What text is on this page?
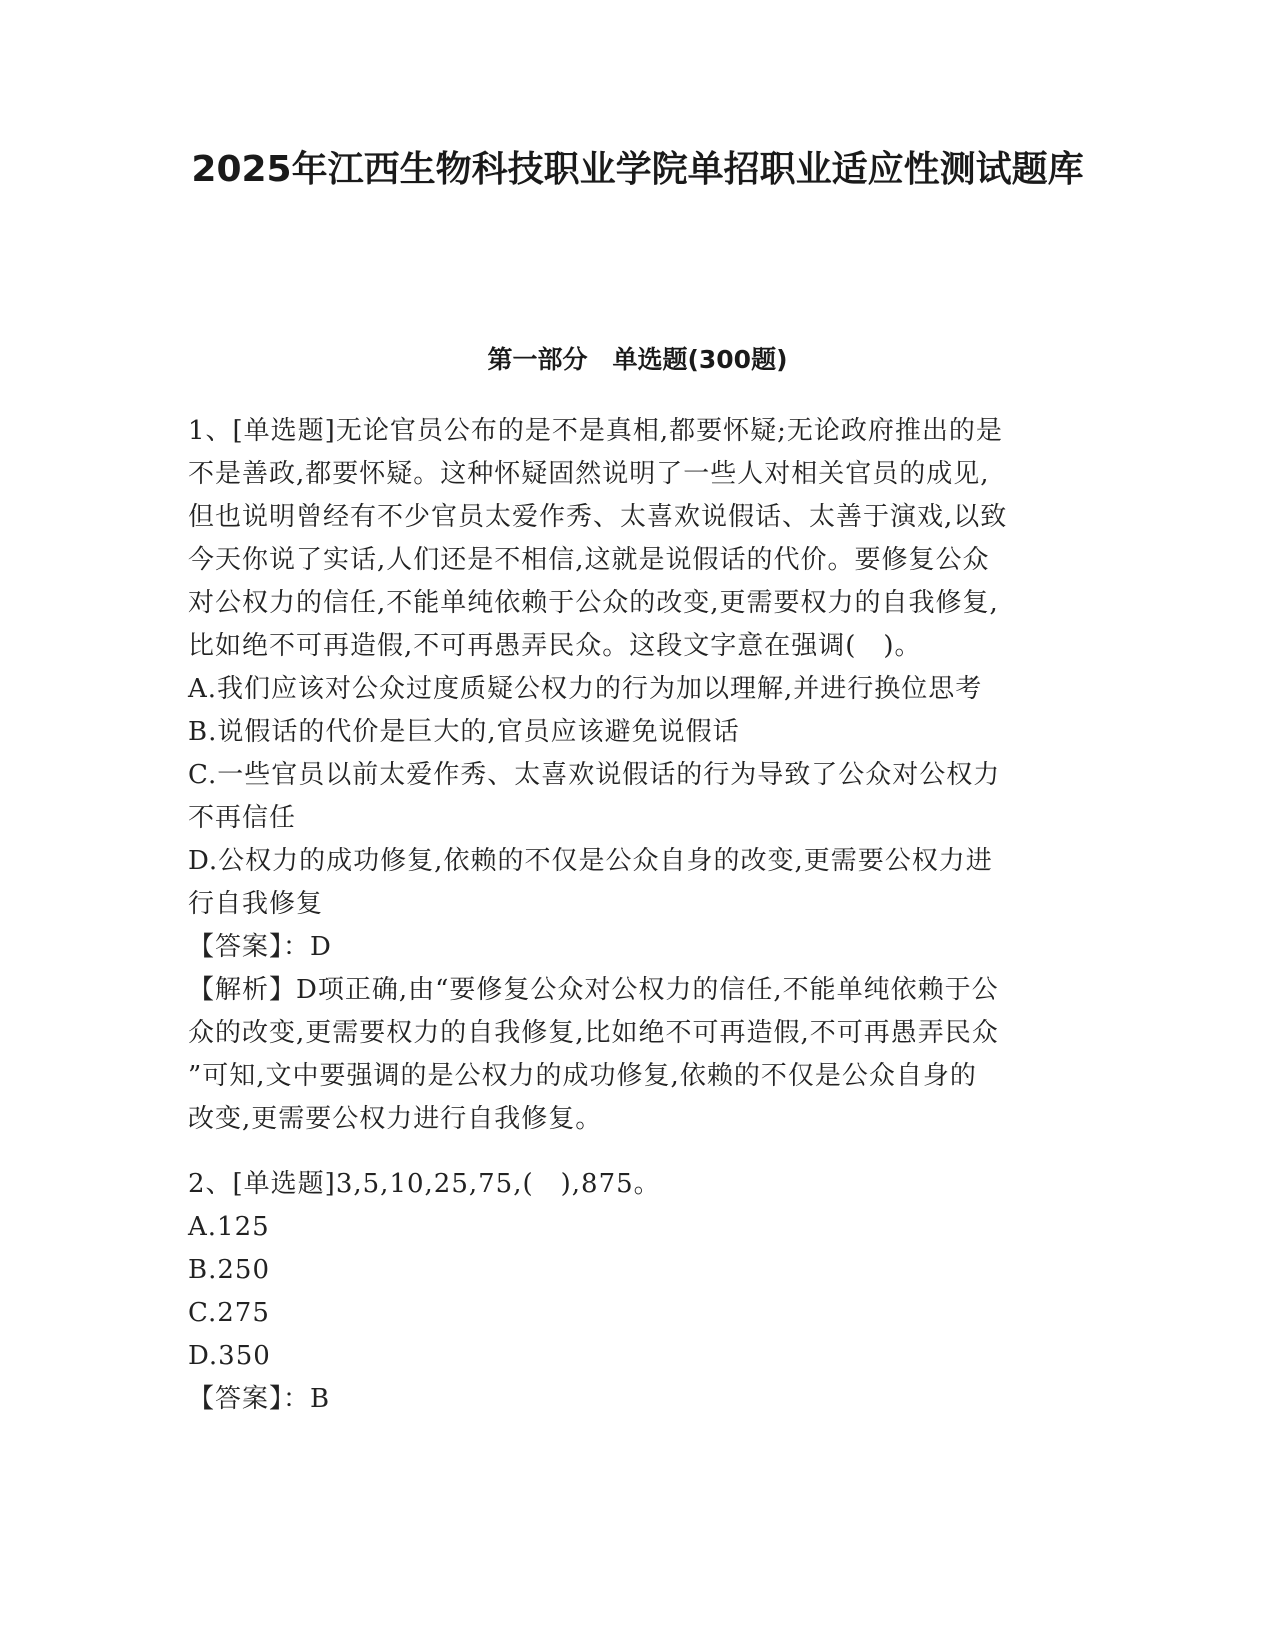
2025年江西生物科技职业学院单招职业适应性测试题库
第一部分　单选题(300题)

1、[单选题]无论官员公布的是不是真相,都要怀疑;无论政府推出的是

不是善政,都要怀疑。这种怀疑固然说明了一些人对相关官员的成见,

但也说明曾经有不少官员太爱作秀、太喜欢说假话、太善于演戏,以致

今天你说了实话,人们还是不相信,这就是说假话的代价。要修复公众

对公权力的信任,不能单纯依赖于公众的改变,更需要权力的自我修复,

比如绝不可再造假,不可再愚弄民众。这段文字意在强调(　)。

A.我们应该对公众过度质疑公权力的行为加以理解,并进行换位思考

B.说假话的代价是巨大的,官员应该避免说假话

C.一些官员以前太爱作秀、太喜欢说假话的行为导致了公众对公权力

不再信任

D.公权力的成功修复,依赖的不仅是公众自身的改变,更需要公权力进

行自我修复

【答案】：D

【解析】D项正确,由“要修复公众对公权力的信任,不能单纯依赖于公

众的改变,更需要权力的自我修复,比如绝不可再造假,不可再愚弄民众

”可知,文中要强调的是公权力的成功修复,依赖的不仅是公众自身的

改变,更需要公权力进行自我修复。

2、[单选题]3,5,10,25,75,(　),875。

A.125

B.250

C.275

D.350

【答案】：B
